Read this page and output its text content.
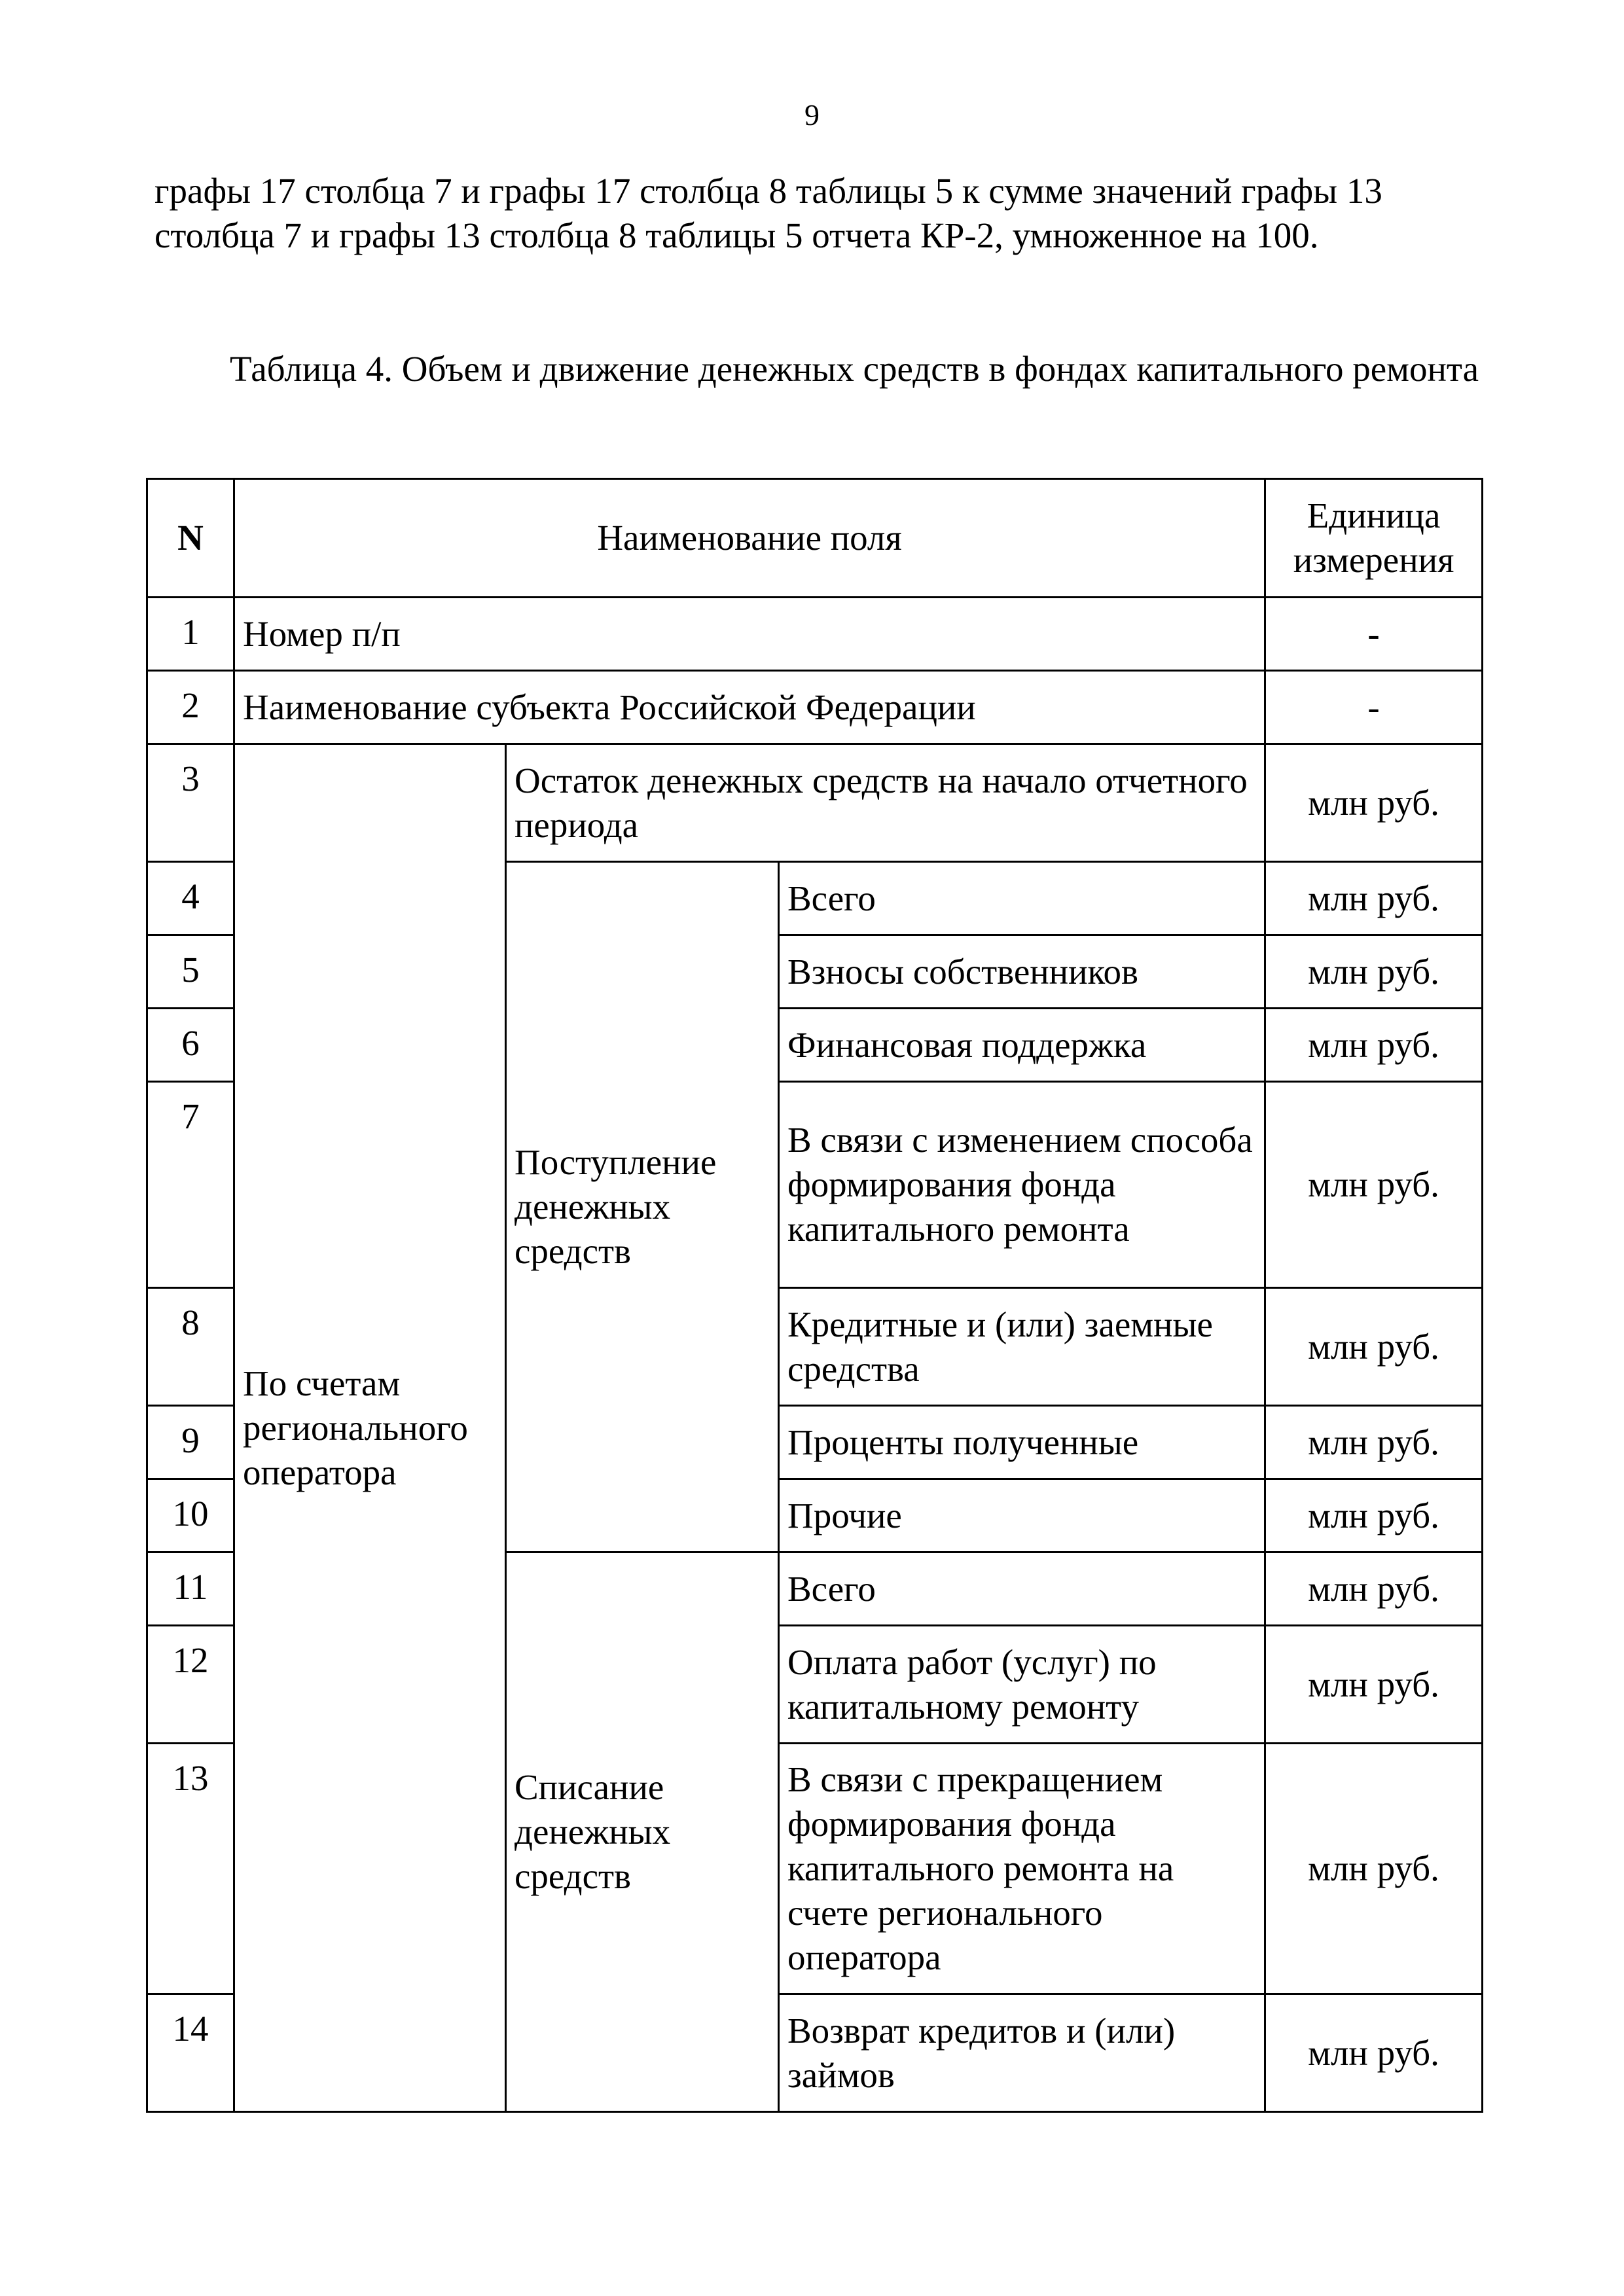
9

графы 17 столбца 7 и графы 17 столбца 8 таблицы 5 к сумме значений графы 13 столбца 7 и графы 13 столбца 8 таблицы 5 отчета КР-2, умноженное на 100.

Таблица 4. Объем и движение денежных средств в фондах капитального ремонта

N	Наименование поля			Единица измерения
1	Номер п/п			-
2	Наименование субъекта Российской Федерации			-
3	По счетам регионального оператора	Остаток денежных средств на начало отчетного периода		млн руб.
4		Поступление денежных средств	Всего	млн руб.
5			Взносы собственников	млн руб.
6			Финансовая поддержка	млн руб.
7			В связи с изменением способа формирования фонда капитального ремонта	млн руб.
8			Кредитные и (или) заемные средства	млн руб.
9			Проценты полученные	млн руб.
10			Прочие	млн руб.
11		Списание денежных средств	Всего	млн руб.
12			Оплата работ (услуг) по капитальному ремонту	млн руб.
13			В связи с прекращением формирования фонда капитального ремонта на счете регионального оператора	млн руб.
14			Возврат кредитов и (или) займов	млн руб.
